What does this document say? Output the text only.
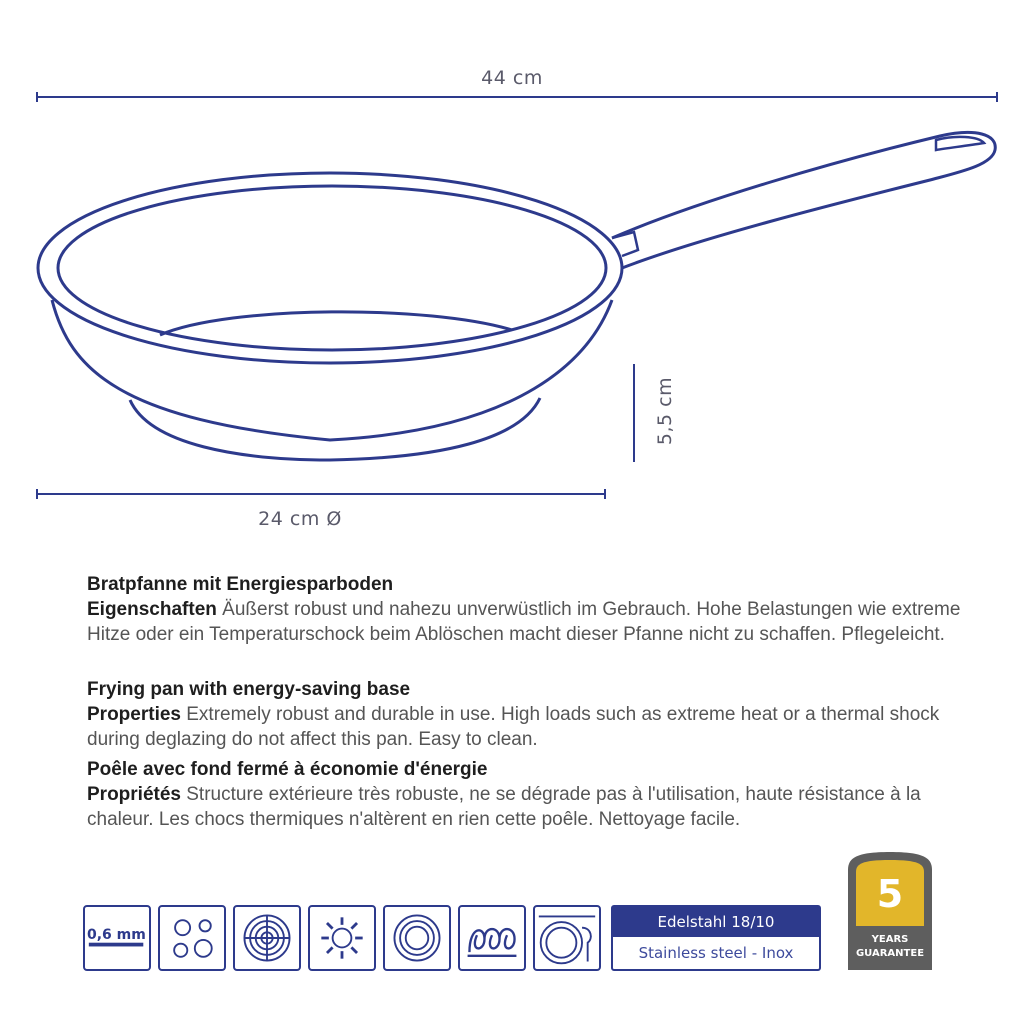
44 cm
5,5 cm
24 cm Ø
Bratpfanne mit Energiesparboden
Eigenschaften Äußerst robust und nahezu unverwüstlich im Gebrauch. Hohe Belastungen wie extreme Hitze oder ein Temperaturschock beim Ablöschen macht dieser Pfanne nicht zu schaffen. Pflegeleicht.
Frying pan with energy-saving base
Properties Extremely robust and durable in use. High loads such as extreme heat or a thermal shock during deglazing do not affect this pan. Easy to clean.
Poêle avec fond fermé à économie d'énergie
Propriétés Structure extérieure très robuste, ne se dégrade pas à l'utilisation, haute résistance à la chaleur. Les chocs thermiques n'altèrent en rien cette poêle. Nettoyage facile.
0,6 mm
Edelstahl 18/10
Stainless steel - Inox
5
YEARS
GUARANTEE
